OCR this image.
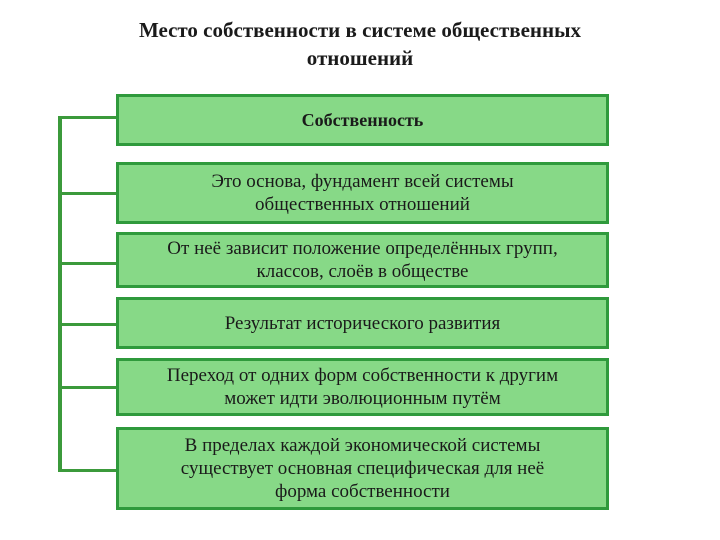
Место собственности в системе общественных
отношений
Собственность
Это основа, фундамент всей системы
общественных отношений
От неё зависит положение определённых групп,
классов, слоёв в обществе
Результат исторического развития
Переход от одних форм собственности к другим
может идти эволюционным путём
В пределах каждой экономической системы
существует основная специфическая для неё
форма собственности
